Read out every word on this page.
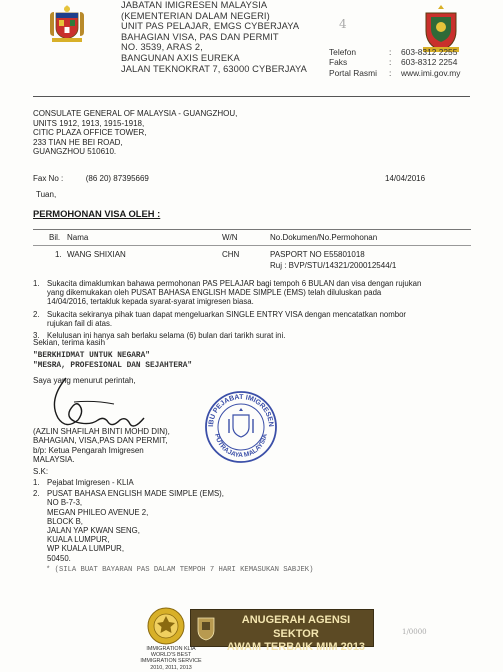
JABATAN IMIGRESEN MALAYSIA
(KEMENTERIAN DALAM NEGERI)
UNIT PAS PELAJAR, EMGS CYBERJAYA
BAHAGIAN VISA, PAS DAN PERMIT
NO. 3539, ARAS 2,
BANGUNAN AXIS EUREKA
JALAN TEKNOKRAT 7, 63000 CYBERJAYA
4
Telefon	:	603-8312 2255
Faks	:	603-8312 2254
Portal Rasmi	:	www.imi.gov.my
CONSULATE GENERAL OF MALAYSIA - GUANGZHOU,
UNITS 1912, 1913, 1915-1918,
CITIC PLAZA OFFICE TOWER,
233 TIAN HE BEI ROAD,
GUANGZHOU 510610.
Fax No :	(86 20) 87395669	14/04/2016
Tuan,
PERMOHONAN VISA OLEH :
Bil. Nama	W/N	No.Dokumen/No.Permohonan
1. WANG SHIXIAN	CHN	PASPORT NO E55801018
Ruj : BVP/STU/14321/200012544/1
1. Sukacita dimaklumkan bahawa permohonan PAS PELAJAR bagi tempoh 6 BULAN dan visa dengan rujukan
yang dikemukakan oleh PUSAT BAHASA ENGLISH MADE SIMPLE (EMS) telah diluluskan pada
14/04/2016, tertakluk kepada syarat-syarat imigresen biasa.
2. Sukacita sekiranya pihak tuan dapat mengeluarkan SINGLE ENTRY VISA dengan mencatatkan nombor
rujukan fail di atas.
3. Kelulusan ini hanya sah berlaku selama (6) bulan dari tarikh surat ini.
Sekian, terima kasih
"BERKHIDMAT UNTUK NEGARA"
"MESRA, PROFESIONAL DAN SEJAHTERA"
Saya yang menurut perintah,
(AZLIN SHAFILAH BINTI MOHD DIN),
BAHAGIAN, VISA,PAS DAN PERMIT,
b/p: Ketua Pengarah Imigresen
MALAYSIA.
IBU PEJABAT IMIGRESEN
PUTRAJAYA MALAYSIA
S.K:
1. Pejabat Imigresen - KLIA
2. PUSAT BAHASA ENGLISH MADE SIMPLE (EMS),
NO B-7-3,
MEGAN PHILEO AVENUE 2,
BLOCK B,
JALAN YAP KWAN SENG,
KUALA LUMPUR,
WP KUALA LUMPUR,
50450.
* (SILA BUAT BAYARAN PAS DALAM TEMPOH 7 HARI KEMASUKAN SABJEK)
ANUGERAH AGENSI SEKTOR
AWAM TERBAIK MIM 2013
IMMIGRATION KLIA
WORLD'S BEST
IMMIGRATION SERVICE
2010, 2011, 2013
1/0000
